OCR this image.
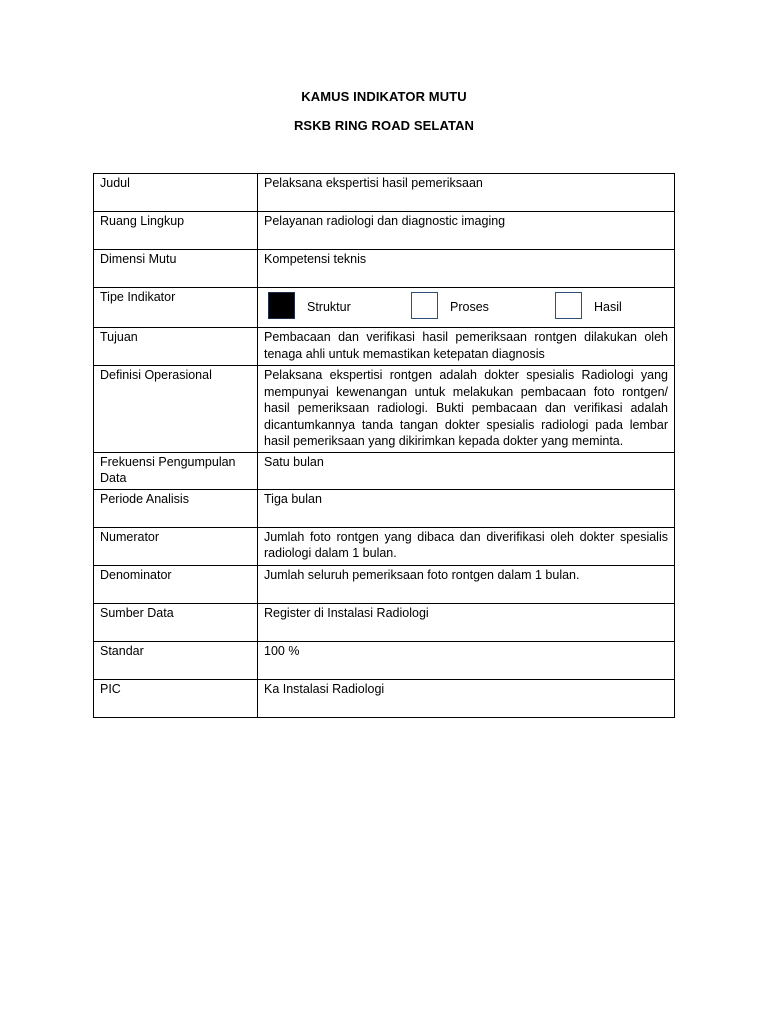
KAMUS INDIKATOR MUTU
RSKB RING ROAD SELATAN
Judul	Pelaksana ekspertisi hasil pemeriksaan
Ruang Lingkup	Pelayanan radiologi dan diagnostic imaging
Dimensi Mutu	Kompetensi teknis
Tipe Indikator	Struktur Proses Hasil

Tujuan	Pembacaan dan verifikasi hasil pemeriksaan rontgen dilakukan oleh tenaga ahli untuk memastikan ketepatan diagnosis
Definisi Operasional	Pelaksana ekspertisi rontgen adalah dokter spesialis Radiologi yang mempunyai kewenangan untuk melakukan pembacaan foto rontgen/ hasil pemeriksaan radiologi. Bukti pembacaan dan verifikasi adalah dicantumkannya tanda tangan dokter spesialis radiologi pada lembar hasil pemeriksaan yang dikirimkan kepada dokter yang meminta.
Frekuensi Pengumpulan Data	Satu bulan
Periode Analisis	Tiga bulan
Numerator	Jumlah foto rontgen yang dibaca dan diverifikasi oleh dokter spesialis radiologi dalam 1 bulan.
Denominator	Jumlah seluruh pemeriksaan foto rontgen dalam 1 bulan.
Sumber Data	Register di Instalasi Radiologi
Standar	100 %
PIC	Ka Instalasi Radiologi
